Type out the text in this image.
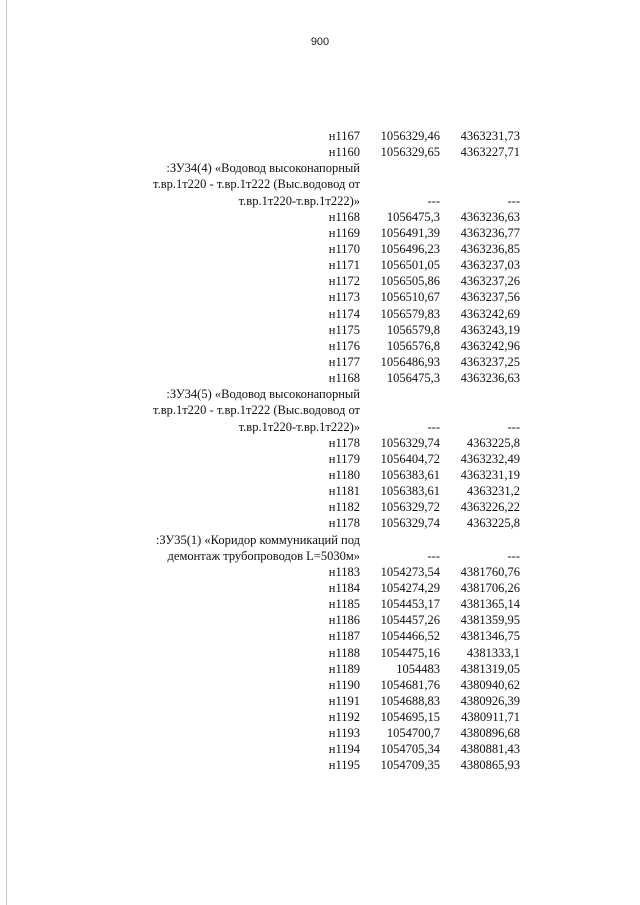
900
н1167	1056329,46	4363231,73
н1160	1056329,65	4363227,71
:ЗУ34(4) «Водовод высоконапорный
т.вр.1т220 - т.вр.1т222 (Выс.водовод от
т.вр.1т220-т.вр.1т222)»	---	---
н1168	1056475,3	4363236,63
н1169	1056491,39	4363236,77
н1170	1056496,23	4363236,85
н1171	1056501,05	4363237,03
н1172	1056505,86	4363237,26
н1173	1056510,67	4363237,56
н1174	1056579,83	4363242,69
н1175	1056579,8	4363243,19
н1176	1056576,8	4363242,96
н1177	1056486,93	4363237,25
н1168	1056475,3	4363236,63
:ЗУ34(5) «Водовод высоконапорный
т.вр.1т220 - т.вр.1т222 (Выс.водовод от
т.вр.1т220-т.вр.1т222)»	---	---
н1178	1056329,74	4363225,8
н1179	1056404,72	4363232,49
н1180	1056383,61	4363231,19
н1181	1056383,61	4363231,2
н1182	1056329,72	4363226,22
н1178	1056329,74	4363225,8
:ЗУ35(1) «Коридор коммуникаций под
демонтаж трубопроводов L=5030м»	---	---
н1183	1054273,54	4381760,76
н1184	1054274,29	4381706,26
н1185	1054453,17	4381365,14
н1186	1054457,26	4381359,95
н1187	1054466,52	4381346,75
н1188	1054475,16	4381333,1
н1189	1054483	4381319,05
н1190	1054681,76	4380940,62
н1191	1054688,83	4380926,39
н1192	1054695,15	4380911,71
н1193	1054700,7	4380896,68
н1194	1054705,34	4380881,43
н1195	1054709,35	4380865,93
